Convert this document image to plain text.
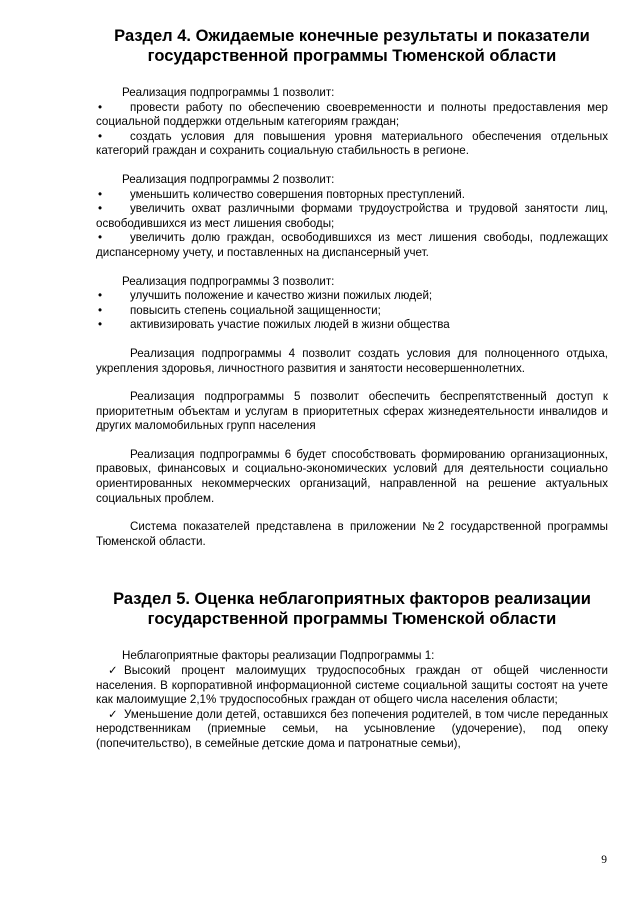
Раздел 4. Ожидаемые конечные результаты и показатели государственной программы Тюменской области

Реализация подпрограммы 1 позволит:

• провести работу по обеспечению своевременности и полноты предоставления мер социальной поддержки отдельным категориям граждан;
• создать условия для повышения уровня материального обеспечения отдельных категорий граждан и сохранить социальную стабильность в регионе.

Реализация подпрограммы 2 позволит:

• уменьшить количество совершения повторных преступлений.
• увеличить охват различными формами трудоустройства и трудовой занятости лиц, освободившихся из мест лишения свободы;
• увеличить долю граждан, освободившихся из мест лишения свободы, подлежащих диспансерному учету, и поставленных на диспансерный учет.

Реализация подпрограммы 3 позволит:

• улучшить положение и качество жизни пожилых людей;
• повысить степень социальной защищенности;
• активизировать участие пожилых людей в жизни общества

Реализация подпрограммы 4 позволит создать условия для полноценного отдыха, укрепления здоровья, личностного развития и занятости несовершеннолетних.

Реализация подпрограммы 5 позволит обеспечить беспрепятственный доступ к приоритетным объектам и услугам в приоритетных сферах жизнедеятельности инвалидов и других маломобильных групп населения

Реализация подпрограммы 6 будет способствовать формированию организационных, правовых, финансовых и социально-экономических условий для деятельности социально ориентированных некоммерческих организаций, направленной на решение актуальных социальных проблем.

Система показателей представлена в приложении №2 государственной программы Тюменской области.

Раздел 5. Оценка неблагоприятных факторов реализации государственной программы Тюменской области

Неблагоприятные факторы реализации Подпрограммы 1:

✓ Высокий процент малоимущих трудоспособных граждан от общей численности населения. В корпоративной информационной системе социальной защиты состоят на учете как малоимущие 2,1% трудоспособных граждан от общего числа населения области;
✓ Уменьшение доли детей, оставшихся без попечения родителей, в том числе переданных неродственникам (приемные семьи, на усыновление (удочерение), под опеку (попечительство), в семейные детские дома и патронатные семьи),
9
